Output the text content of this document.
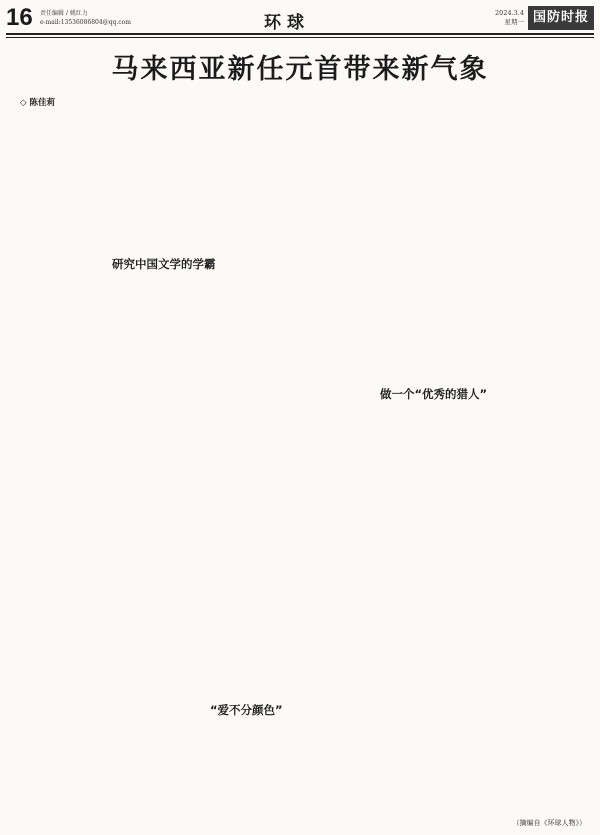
16 责任编辑 / 姚红力
e-mail:13536086804@qq.com	环球	2024.3.4
星期一 国防时报
马来西亚新任元首带来新气象
◇ 陈佳莉

研究中国文学的学霸

“爱不分颜色”

做一个“优秀的猎人”

（摘编自《环球人物》）
